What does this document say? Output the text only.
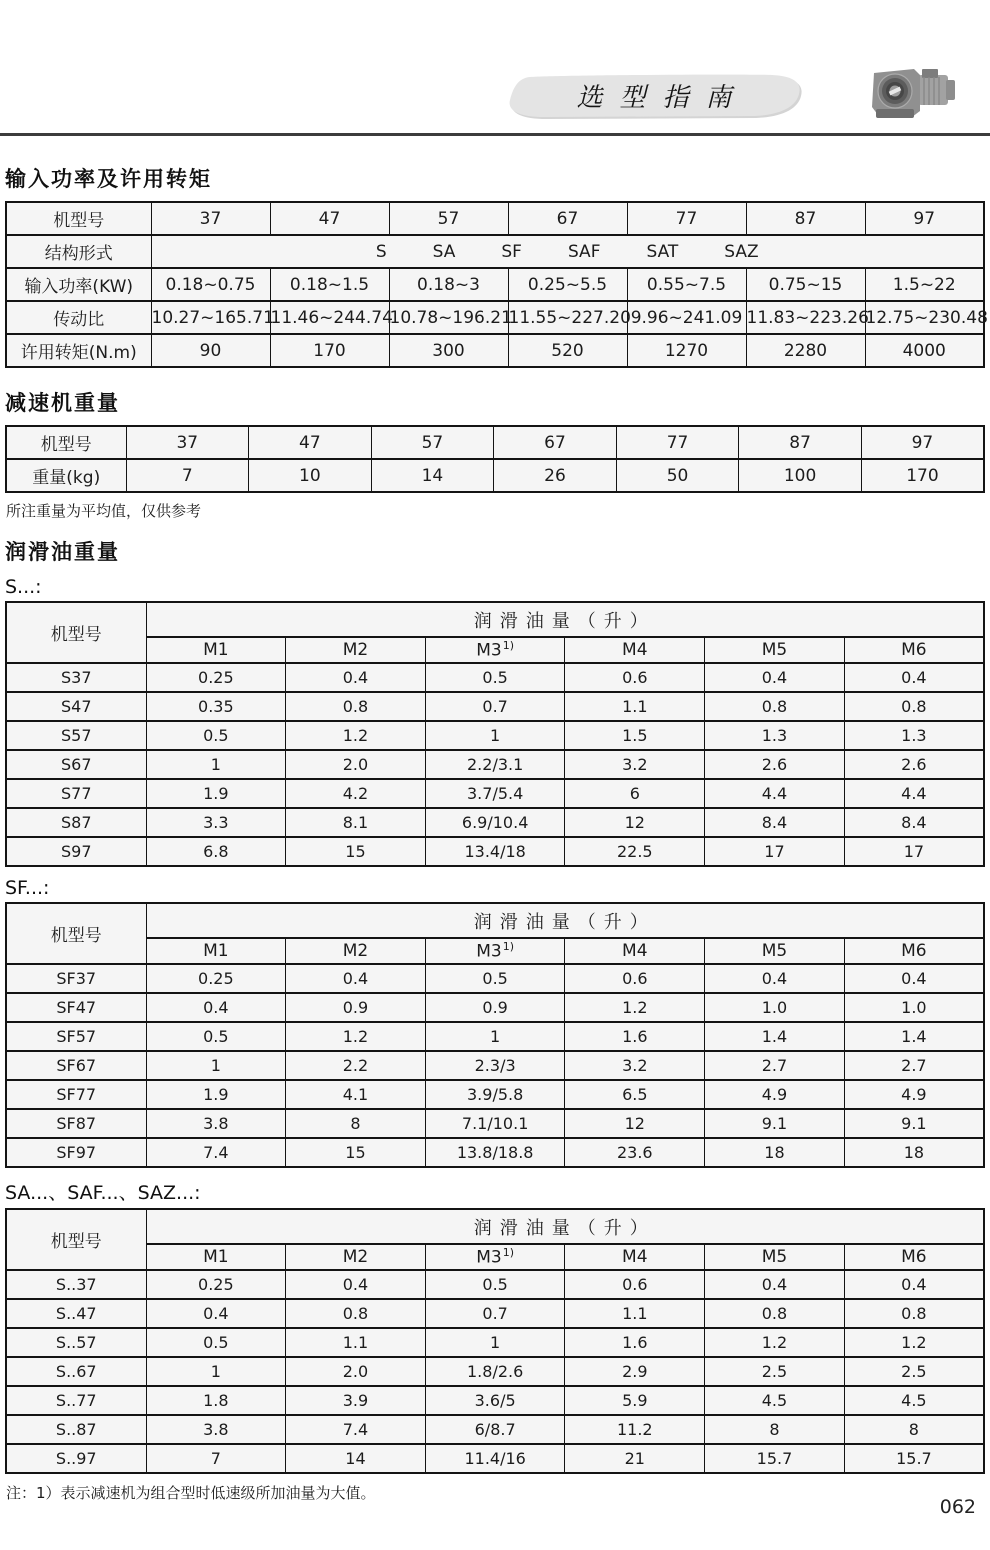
选型指南
输入功率及许用转矩
机型号	37	47	57	67	77	87	97
结构形式	S SA SF SAF SAT SAZ						
输入功率(KW)	0.18~0.75	0.18~1.5	0.18~3	0.25~5.5	0.55~7.5	0.75~15	1.5~22
传动比	10.27~165.71	11.46~244.74	10.78~196.21	11.55~227.20	9.96~241.09	11.83~223.26	12.75~230.48
许用转矩(N.m)	90	170	300	520	1270	2280	4000
减速机重量
机型号	37	47	57	67	77	87	97
重量(kg)	7	10	14	26	50	100	170
所注重量为平均值，仅供参考
润滑油重量
S...:
机型号	润滑油量（升）					
	M1	M2	M3$^{1)}$	M4	M5	M6
S37	0.25	0.4	0.5	0.6	0.4	0.4
S47	0.35	0.8	0.7	1.1	0.8	0.8
S57	0.5	1.2	1	1.5	1.3	1.3
S67	1	2.0	2.2/3.1	3.2	2.6	2.6
S77	1.9	4.2	3.7/5.4	6	4.4	4.4
S87	3.3	8.1	6.9/10.4	12	8.4	8.4
S97	6.8	15	13.4/18	22.5	17	17
SF...:
机型号	润滑油量（升）					
	M1	M2	M3$^{1)}$	M4	M5	M6
SF37	0.25	0.4	0.5	0.6	0.4	0.4
SF47	0.4	0.9	0.9	1.2	1.0	1.0
SF57	0.5	1.2	1	1.6	1.4	1.4
SF67	1	2.2	2.3/3	3.2	2.7	2.7
SF77	1.9	4.1	3.9/5.8	6.5	4.9	4.9
SF87	3.8	8	7.1/10.1	12	9.1	9.1
SF97	7.4	15	13.8/18.8	23.6	18	18
SA...、SAF...、SAZ...:
机型号	润滑油量（升）					
	M1	M2	M3$^{1)}$	M4	M5	M6
S..37	0.25	0.4	0.5	0.6	0.4	0.4
S..47	0.4	0.8	0.7	1.1	0.8	0.8
S..57	0.5	1.1	1	1.6	1.2	1.2
S..67	1	2.0	1.8/2.6	2.9	2.5	2.5
S..77	1.8	3.9	3.6/5	5.9	4.5	4.5
S..87	3.8	7.4	6/8.7	11.2	8	8
S..97	7	14	11.4/16	21	15.7	15.7
注：1）表示减速机为组合型时低速级所加油量为大值。
062
